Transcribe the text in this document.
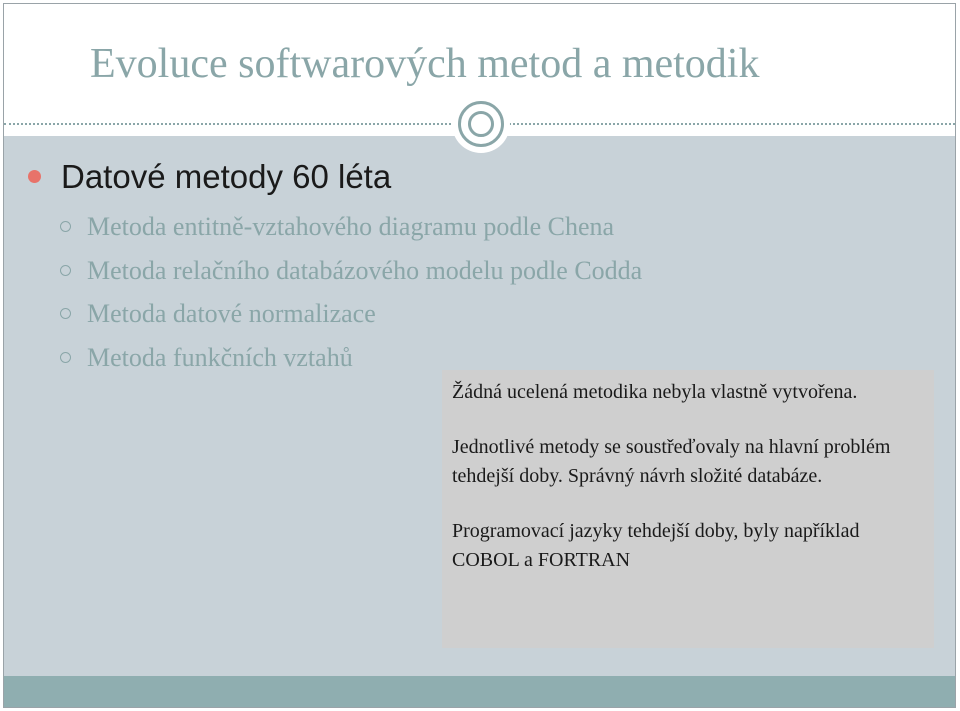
Evoluce softwarových metod a metodik
Datové metody 60 léta
Metoda entitně-vztahového diagramu podle Chena
Metoda relačního databázového modelu podle Codda
Metoda datové normalizace
Metoda funkčních vztahů

Žádná ucelená metodika nebyla vlastně vytvořena.

Jednotlivé metody se soustřeďovaly na hlavní problém tehdejší doby. Správný návrh složité databáze.

Programovací jazyky tehdejší doby, byly například COBOL a FORTRAN
